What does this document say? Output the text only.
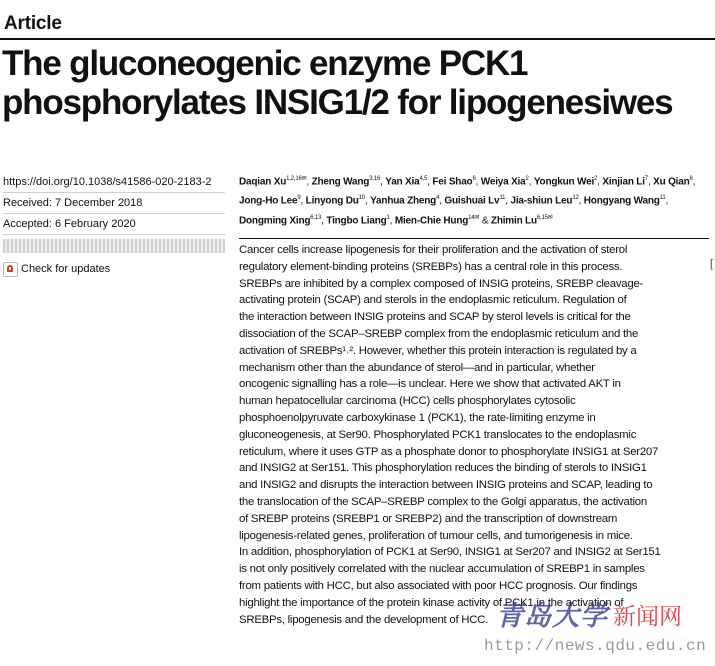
Article
The gluconeogenic enzyme PCK1 phosphorylates INSIG1/2 for lipogenesiwes
https://doi.org/10.1038/s41586-020-2183-2
Received: 7 December 2018
Accepted: 6 February 2020
Check for updates
Daqian $Xu^{1,2,16✉}$, Zheng Wang$^{3,16}$, Yan Xia$^{4,5}$, Fei Shao$^6$, Weiya Xia$^2$, Yongkun Wei$^2$, Xinjian Li$^7$, Xu Qian$^8$, Jong-Ho Lee$^9$, Linyong Du$^{10}$, Yanhua Zheng$^4$, Guishuai Lv$^{11}$, Jia-shiun Leu$^{12}$, Hongyang Wang$^{11}$, Dongming Xing$^{6,13}$, Tingbo Liang$^1$, Mien-Chie Hung$^{14✉}$ & Zhimin $Lu^{6,15✉}$

Cancer cells increase lipogenesis for their proliferation and the activation of sterol
regulatory element-binding proteins (SREBPs) has a central role in this process.
SREBPs are inhibited by a complex composed of INSIG proteins, SREBP cleavage-
activating protein (SCAP) and sterols in the endoplasmic reticulum. Regulation of
the interaction between INSIG proteins and SCAP by sterol levels is critical for the
dissociation of the SCAP–SREBP complex from the endoplasmic reticulum and the
activation of SREBPs¹˒². However, whether this protein interaction is regulated by a
mechanism other than the abundance of sterol—and in particular, whether
oncogenic signalling has a role—is unclear. Here we show that activated AKT in
human hepatocellular carcinoma (HCC) cells phosphorylates cytosolic
phosphoenolpyruvate carboxykinase 1 (PCK1), the rate-limiting enzyme in
gluconeogenesis, at Ser90. Phosphorylated PCK1 translocates to the endoplasmic
reticulum, where it uses GTP as a phosphate donor to phosphorylate INSIG1 at Ser207
and INSIG2 at Ser151. This phosphorylation reduces the binding of sterols to INSIG1
and INSIG2 and disrupts the interaction between INSIG proteins and SCAP, leading to
the translocation of the SCAP–SREBP complex to the Golgi apparatus, the activation
of SREBP proteins (SREBP1 or SREBP2) and the transcription of downstream
lipogenesis-related genes, proliferation of tumour cells, and tumorigenesis in mice.
In addition, phosphorylation of PCK1 at Ser90, INSIG1 at Ser207 and INSIG2 at Ser151
is not only positively correlated with the nuclear accumulation of SREBP1 in samples
from patients with HCC, but also associated with poor HCC prognosis. Our findings
highlight the importance of the protein kinase activity of PCK1 in the activation of
SREBPs, lipogenesis and the development of HCC.

[
青岛大学 新闻网
http://news.qdu.edu.cn
